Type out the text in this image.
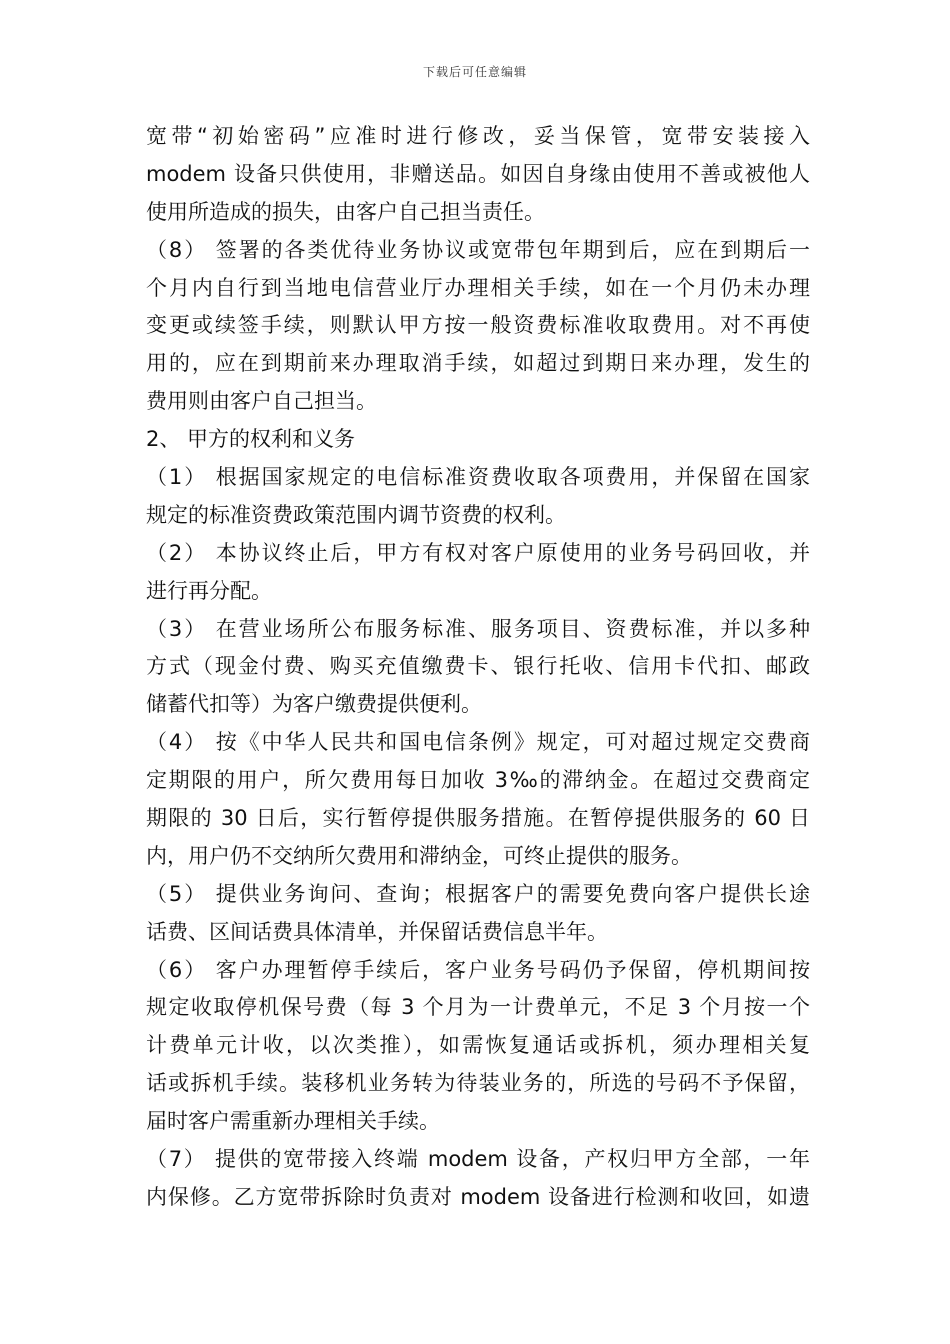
下载后可任意编辑
宽带“初始密码”应准时进行修改，妥当保管，宽带安装接入
modem 设备只供使用，非赠送品。如因自身缘由使用不善或被他人
使用所造成的损失，由客户自己担当责任。
（8） 签署的各类优待业务协议或宽带包年期到后，应在到期后一
个月内自行到当地电信营业厅办理相关手续，如在一个月仍未办理
变更或续签手续，则默认甲方按一般资费标准收取费用。对不再使
用的，应在到期前来办理取消手续，如超过到期日来办理，发生的
费用则由客户自己担当。
2、 甲方的权利和义务
（1） 根据国家规定的电信标准资费收取各项费用，并保留在国家
规定的标准资费政策范围内调节资费的权利。
（2） 本协议终止后，甲方有权对客户原使用的业务号码回收，并
进行再分配。
（3） 在营业场所公布服务标准、服务项目、资费标准，并以多种
方式（现金付费、购买充值缴费卡、银行托收、信用卡代扣、邮政
储蓄代扣等）为客户缴费提供便利。
（4） 按《中华人民共和国电信条例》规定，可对超过规定交费商
定期限的用户，所欠费用每日加收 3‰的滞纳金。在超过交费商定
期限的 30 日后，实行暂停提供服务措施。在暂停提供服务的 60 日
内，用户仍不交纳所欠费用和滞纳金，可终止提供的服务。
（5） 提供业务询问、查询；根据客户的需要免费向客户提供长途
话费、区间话费具体清单，并保留话费信息半年。
（6） 客户办理暂停手续后，客户业务号码仍予保留，停机期间按
规定收取停机保号费（每 3 个月为一计费单元，不足 3 个月按一个
计费单元计收，以次类推），如需恢复通话或拆机，须办理相关复
话或拆机手续。装移机业务转为待装业务的，所选的号码不予保留，
届时客户需重新办理相关手续。
（7） 提供的宽带接入终端 modem 设备，产权归甲方全部，一年
内保修。乙方宽带拆除时负责对 modem 设备进行检测和收回，如遗
